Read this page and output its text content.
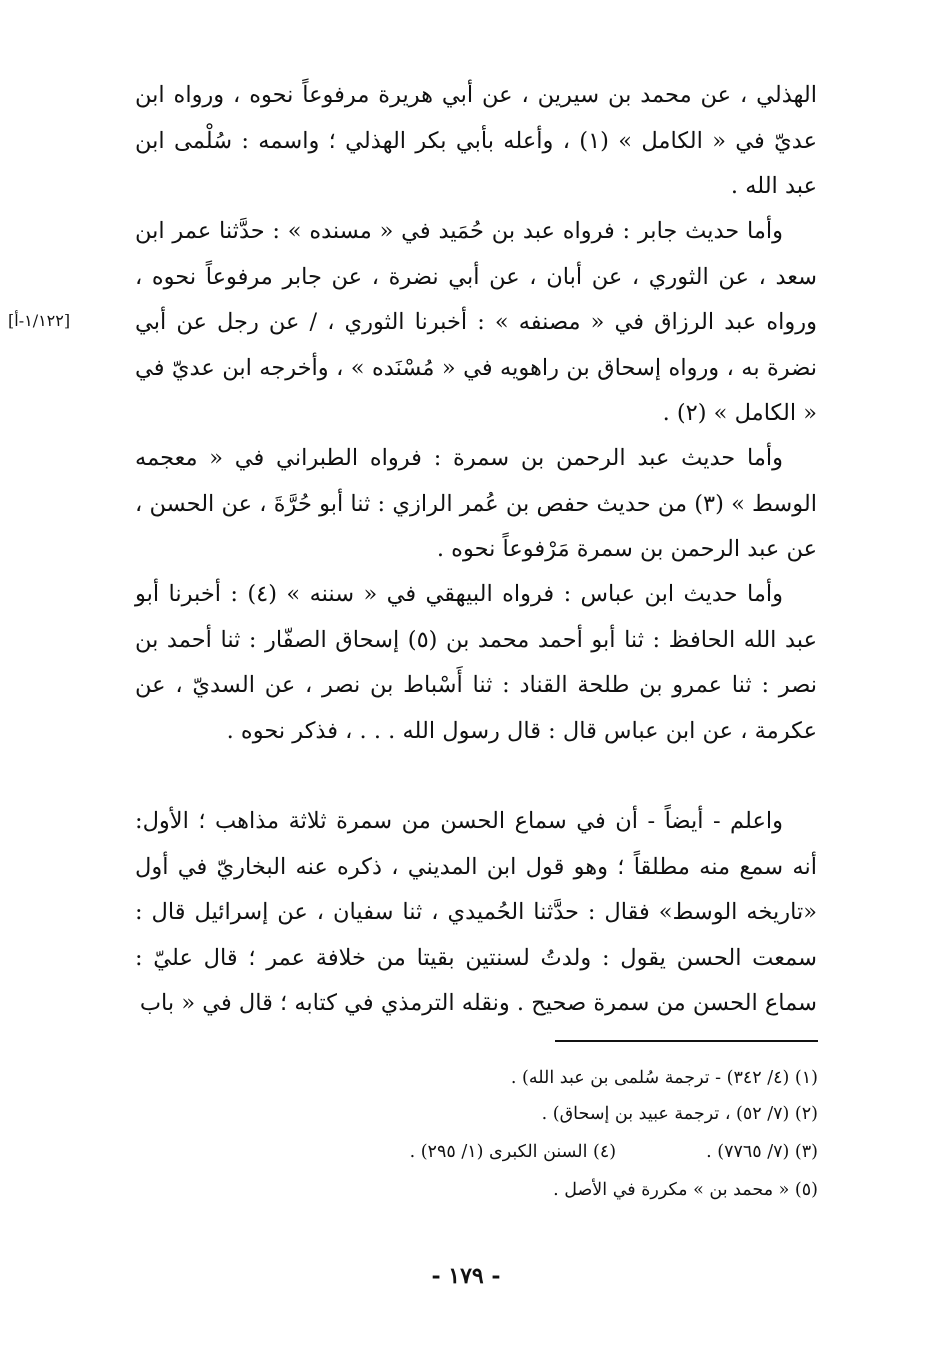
الهذلي ، عن محمد بن سيرين ، عن أبي هريرة مرفوعاً نحوه ، ورواه ابن عديّ في « الكامل » (١) ، وأعله بأبي بكر الهذلي ؛ واسمه : سُلْمى ابن عبد الله .

وأما حديث جابر : فرواه عبد بن حُمَيد في « مسنده » : حدَّثنا عمر ابن سعد ، عن الثوري ، عن أبان ، عن أبي نضرة ، عن جابر مرفوعاً نحوه ، ورواه عبد الرزاق في « مصنفه » : أخبرنا الثوري ، / عن رجل عن أبي نضرة به ، ورواه إسحاق بن راهويه في « مُسْنَده » ، وأخرجه ابن عديّ في « الكامل » (٢) .

وأما حديث عبد الرحمن بن سمرة : فرواه الطبراني في « معجمه الوسط » (٣) من حديث حفص بن عُمر الرازي : ثنا أبو حُرَّةَ ، عن الحسن ، عن عبد الرحمن بن سمرة مَرْفوعاً نحوه .

وأما حديث ابن عباس : فرواه البيهقي في « سننه » (٤) : أخبرنا أبو عبد الله الحافظ : ثنا أبو أحمد محمد بن (٥) إسحاق الصفّار : ثنا أحمد بن نصر : ثنا عمرو بن طلحة القناد : ثنا أَسْباط بن نصر ، عن السديّ ، عن عكرمة ، عن ابن عباس قال : قال رسول الله . . . ، فذكر نحوه .

واعلم - أيضاً - أن في سماع الحسن من سمرة ثلاثة مذاهب ؛ الأول: أنه سمع منه مطلقاً ؛ وهو قول ابن المديني ، ذكره عنه البخاريّ في أول «تاريخه الوسط» فقال : حدَّثنا الحُميدي ، ثنا سفيان ، عن إسرائيل قال : سمعت الحسن يقول : ولدتُ لسنتين بقيتا من خلافة عمر ؛ قال عليّ : سماع الحسن من سمرة صحيح . ونقله الترمذي في كتابه ؛ قال في « باب

[١/١٢٢-أ]
(١) (٤/ ٣٤٢) - ترجمة سُلمى بن عبد الله) .
(٢) (٧/ ٥٢) ، ترجمة عبيد بن إسحاق) .
(٣) (٧/ ٧٧٦٥) .(٤) السنن الكبرى (١/ ٢٩٥) .
(٥) « محمد بن » مكررة في الأصل .
- ١٧٩ -
